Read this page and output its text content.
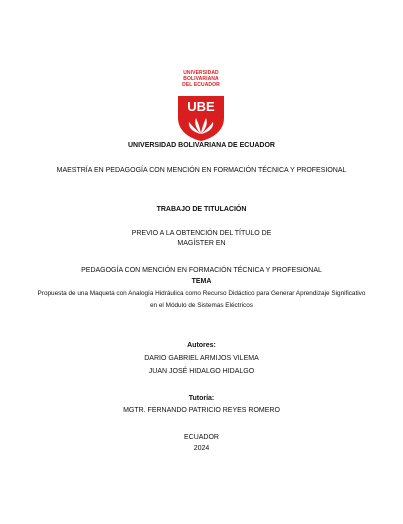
UNIVERSIDAD
BOLIVARIANA
DEL ECUADOR
UBE
UNIVERSIDAD BOLIVARIANA DE ECUADOR
MAESTRÍA EN PEDAGOGÍA CON MENCIÓN EN FORMACIÓN TÉCNICA Y PROFESIONAL
TRABAJO DE TITULACIÓN
PREVIO A LA OBTENCIÓN DEL TÍTULO DE
MAGÍSTER EN
PEDAGOGÍA CON MENCIÓN EN FORMACIÓN TÉCNICA Y PROFESIONAL
TEMA
Propuesta de una Maqueta con Analogía Hidráulica como Recurso Didáctico para Generar Aprendizaje Significativo
en el Módulo de Sistemas Eléctricos
Autores:
DARIO GABRIEL ARMIJOS VILEMA
JUAN JOSÉ HIDALGO HIDALGO
Tutoría:
MGTR. FERNANDO PATRICIO REYES ROMERO
ECUADOR
2024
